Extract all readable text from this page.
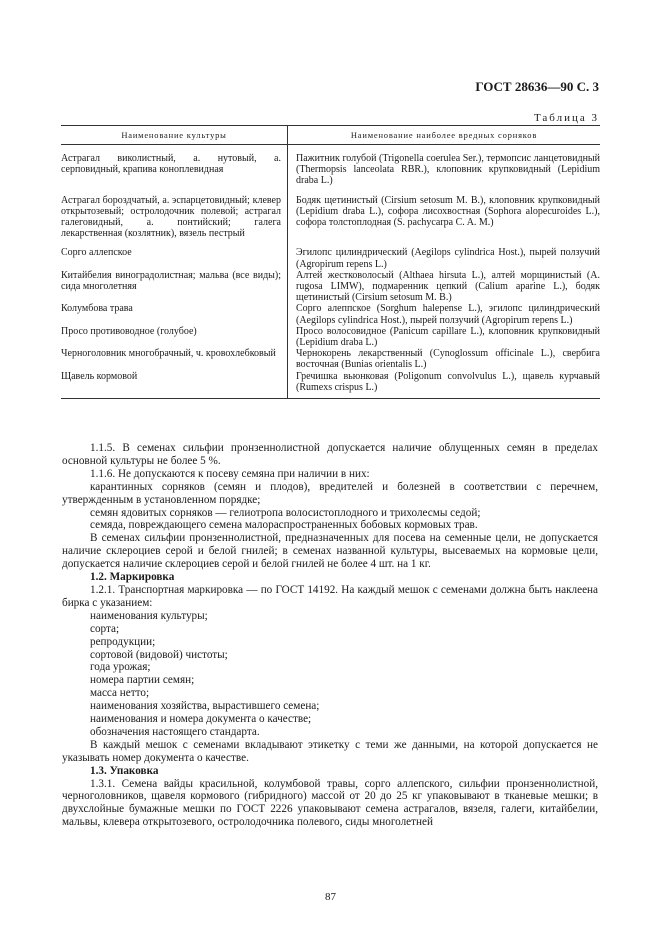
ГОСТ 28636—90 С. 3
Таблица 3
Наименование культуры	Наименование наиболее вредных сорняков

Астрагал виколистный, а. нутовый, а. серповидный, крапива коноплевидная	Пажитник голубой (Trigonella coerulea Ser.), термопсис ланцетовидный (Thermopsis lanceolata RBR.), клоповник крупковидный (Lepidium draba L.)

Астрагал бороздчатый, а. эспарцетовидный; клевер открытозевый; остролодочник полевой; астрагал галеговидный, а. понтийский; галега лекарственная (козлятник), вязель пестрый	Бодяк щетинистый (Cirsium setosum M. B.), клоповник крупковидный (Lepidium draba L.), софора лисохвостная (Sophora alopecuroides L.), софора толстоплодная (S. pachycarpa C. A. M.)

Сорго аллепское	Эгилопс цилиндрический (Aegilops cylindrica Host.), пырей ползучий (Agropirum repens L.)
Китайбелия виноградолистная; мальва (все виды); сида многолетняя	Алтей жестковолосый (Althaea hirsuta L.), алтей морщинистый (A. rugosa LIMW), подмаренник цепкий (Calium aparine L.), бодяк щетинистый (Cirsium setosum M. B.)
Колумбова трава	Сорго алеппское (Sorghum halepense L.), эгилопс цилиндрический (Aegilops cylindrica Host.), пырей ползучий (Agropirum repens L.)
Просо противоводное (голубое)	Просо волосовидное (Panicum capillare L.), клоповник крупковидный (Lepidium draba L.)
Черноголовник многобрачный, ч. кровохлебковый	Чернокорень лекарственный (Cynoglossum officinale L.), свербига восточная (Bunias orientalis L.)
Щавель кормовой	Гречишка вьюнковая (Poligonum convolvulus L.), щавель курчавый (Rumexs crispus L.)

1.1.5. В семенах сильфии пронзеннолистной допускается наличие облущенных семян в пределах основной культуры не более 5 %.

1.1.6. Не допускаются к посеву семяна при наличии в них:

карантинных сорняков (семян и плодов), вредителей и болезней в соответствии с перечнем, утвержденным в установленном порядке;

семян ядовитых сорняков — гелиотропа волосистоплодного и трихолесмы седой;

семяда, повреждающего семена малораспространенных бобовых кормовых трав.

В семенах сильфии пронзеннолистной, предназначенных для посева на семенные цели, не допускается наличие склероциев серой и белой гнилей; в семенах названной культуры, высеваемых на кормовые цели, допускается наличие склероциев серой и белой гнилей не более 4 шт. на 1 кг.

1.2. Маркировка

1.2.1. Транспортная маркировка — по ГОСТ 14192. На каждый мешок с семенами должна быть наклеена бирка с указанием:

наименования культуры;

сорта;

репродукции;

сортовой (видовой) чистоты;

года урожая;

номера партии семян;

масса нетто;

наименования хозяйства, вырастившего семена;

наименования и номера документа о качестве;

обозначения настоящего стандарта.

В каждый мешок с семенами вкладывают этикетку с теми же данными, на которой допускается не указывать номер документа о качестве.

1.3. Упаковка

1.3.1. Семена вайды красильной, колумбовой травы, сорго аллепского, сильфии пронзеннолистной, черноголовников, щавеля кормового (гибридного) массой от 20 до 25 кг упаковывают в тканевые мешки; в двухслойные бумажные мешки по ГОСТ 2226 упаковывают семена астрагалов, вязеля, галеги, китайбелии, мальвы, клевера открытозевого, остролодочника полевого, сиды многолетней

87
